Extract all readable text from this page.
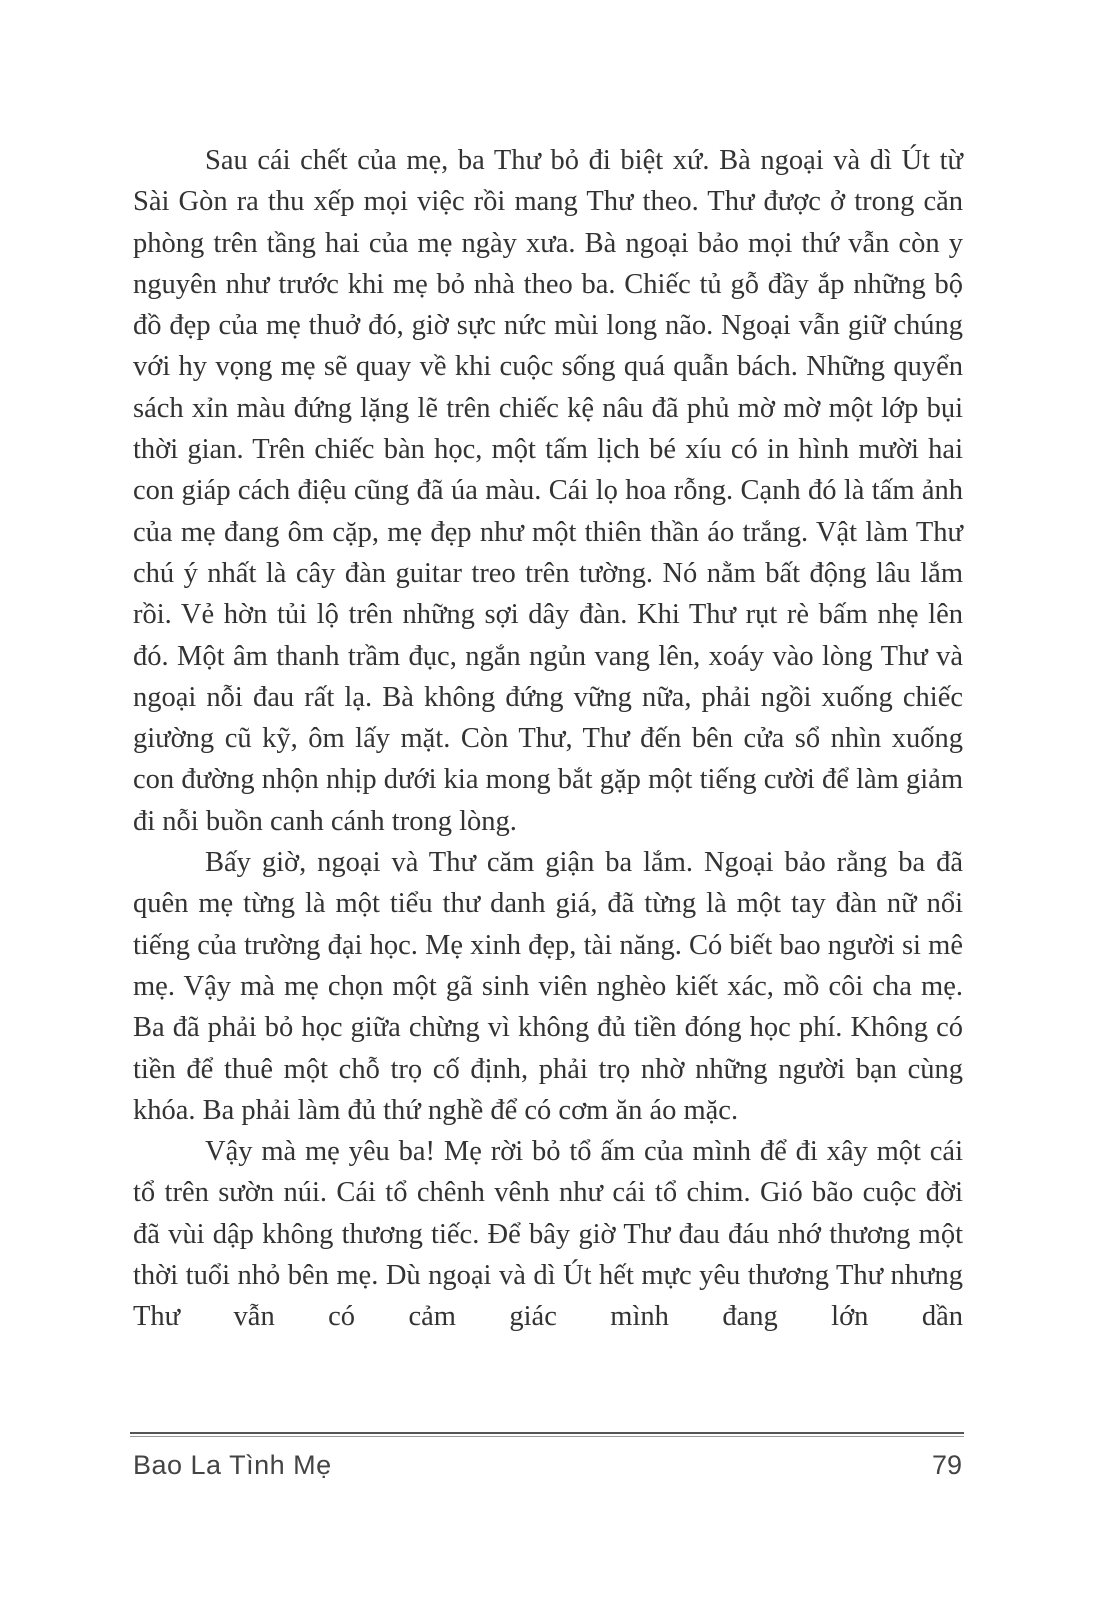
Sau cái chết của mẹ, ba Thư bỏ đi biệt xứ. Bà ngoại và dì Út từ Sài Gòn ra thu xếp mọi việc rồi mang Thư theo. Thư được ở trong căn phòng trên tầng hai của mẹ ngày xưa. Bà ngoại bảo mọi thứ vẫn còn y nguyên như trước khi mẹ bỏ nhà theo ba. Chiếc tủ gỗ đầy ắp những bộ đồ đẹp của mẹ thuở đó, giờ sực nức mùi long não. Ngoại vẫn giữ chúng với hy vọng mẹ sẽ quay về khi cuộc sống quá quẫn bách. Những quyển sách xỉn màu đứng lặng lẽ trên chiếc kệ nâu đã phủ mờ mờ một lớp bụi thời gian. Trên chiếc bàn học, một tấm lịch bé xíu có in hình mười hai con giáp cách điệu cũng đã úa màu. Cái lọ hoa rỗng. Cạnh đó là tấm ảnh của mẹ đang ôm cặp, mẹ đẹp như một thiên thần áo trắng. Vật làm Thư chú ý nhất là cây đàn guitar treo trên tường. Nó nằm bất động lâu lắm rồi. Vẻ hờn tủi lộ trên những sợi dây đàn. Khi Thư rụt rè bấm nhẹ lên đó. Một âm thanh trầm đục, ngắn ngủn vang lên, xoáy vào lòng Thư và ngoại nỗi đau rất lạ. Bà không đứng vững nữa, phải ngồi xuống chiếc giường cũ kỹ, ôm lấy mặt. Còn Thư, Thư đến bên cửa sổ nhìn xuống con đường nhộn nhịp dưới kia mong bắt gặp một tiếng cười để làm giảm đi nỗi buồn canh cánh trong lòng.

Bấy giờ, ngoại và Thư căm giận ba lắm. Ngoại bảo rằng ba đã quên mẹ từng là một tiểu thư danh giá, đã từng là một tay đàn nữ nổi tiếng của trường đại học. Mẹ xinh đẹp, tài năng. Có biết bao người si mê mẹ. Vậy mà mẹ chọn một gã sinh viên nghèo kiết xác, mồ côi cha mẹ. Ba đã phải bỏ học giữa chừng vì không đủ tiền đóng học phí. Không có tiền để thuê một chỗ trọ cố định, phải trọ nhờ những người bạn cùng khóa. Ba phải làm đủ thứ nghề để có cơm ăn áo mặc.

Vậy mà mẹ yêu ba! Mẹ rời bỏ tổ ấm của mình để đi xây một cái tổ trên sườn núi. Cái tổ chênh vênh như cái tổ chim. Gió bão cuộc đời đã vùi dập không thương tiếc. Để bây giờ Thư đau đáu nhớ thương một thời tuổi nhỏ bên mẹ. Dù ngoại và dì Út hết mực yêu thương Thư nhưng Thư vẫn có cảm giác mình đang lớn dần

Bao La Tình Mẹ	79
